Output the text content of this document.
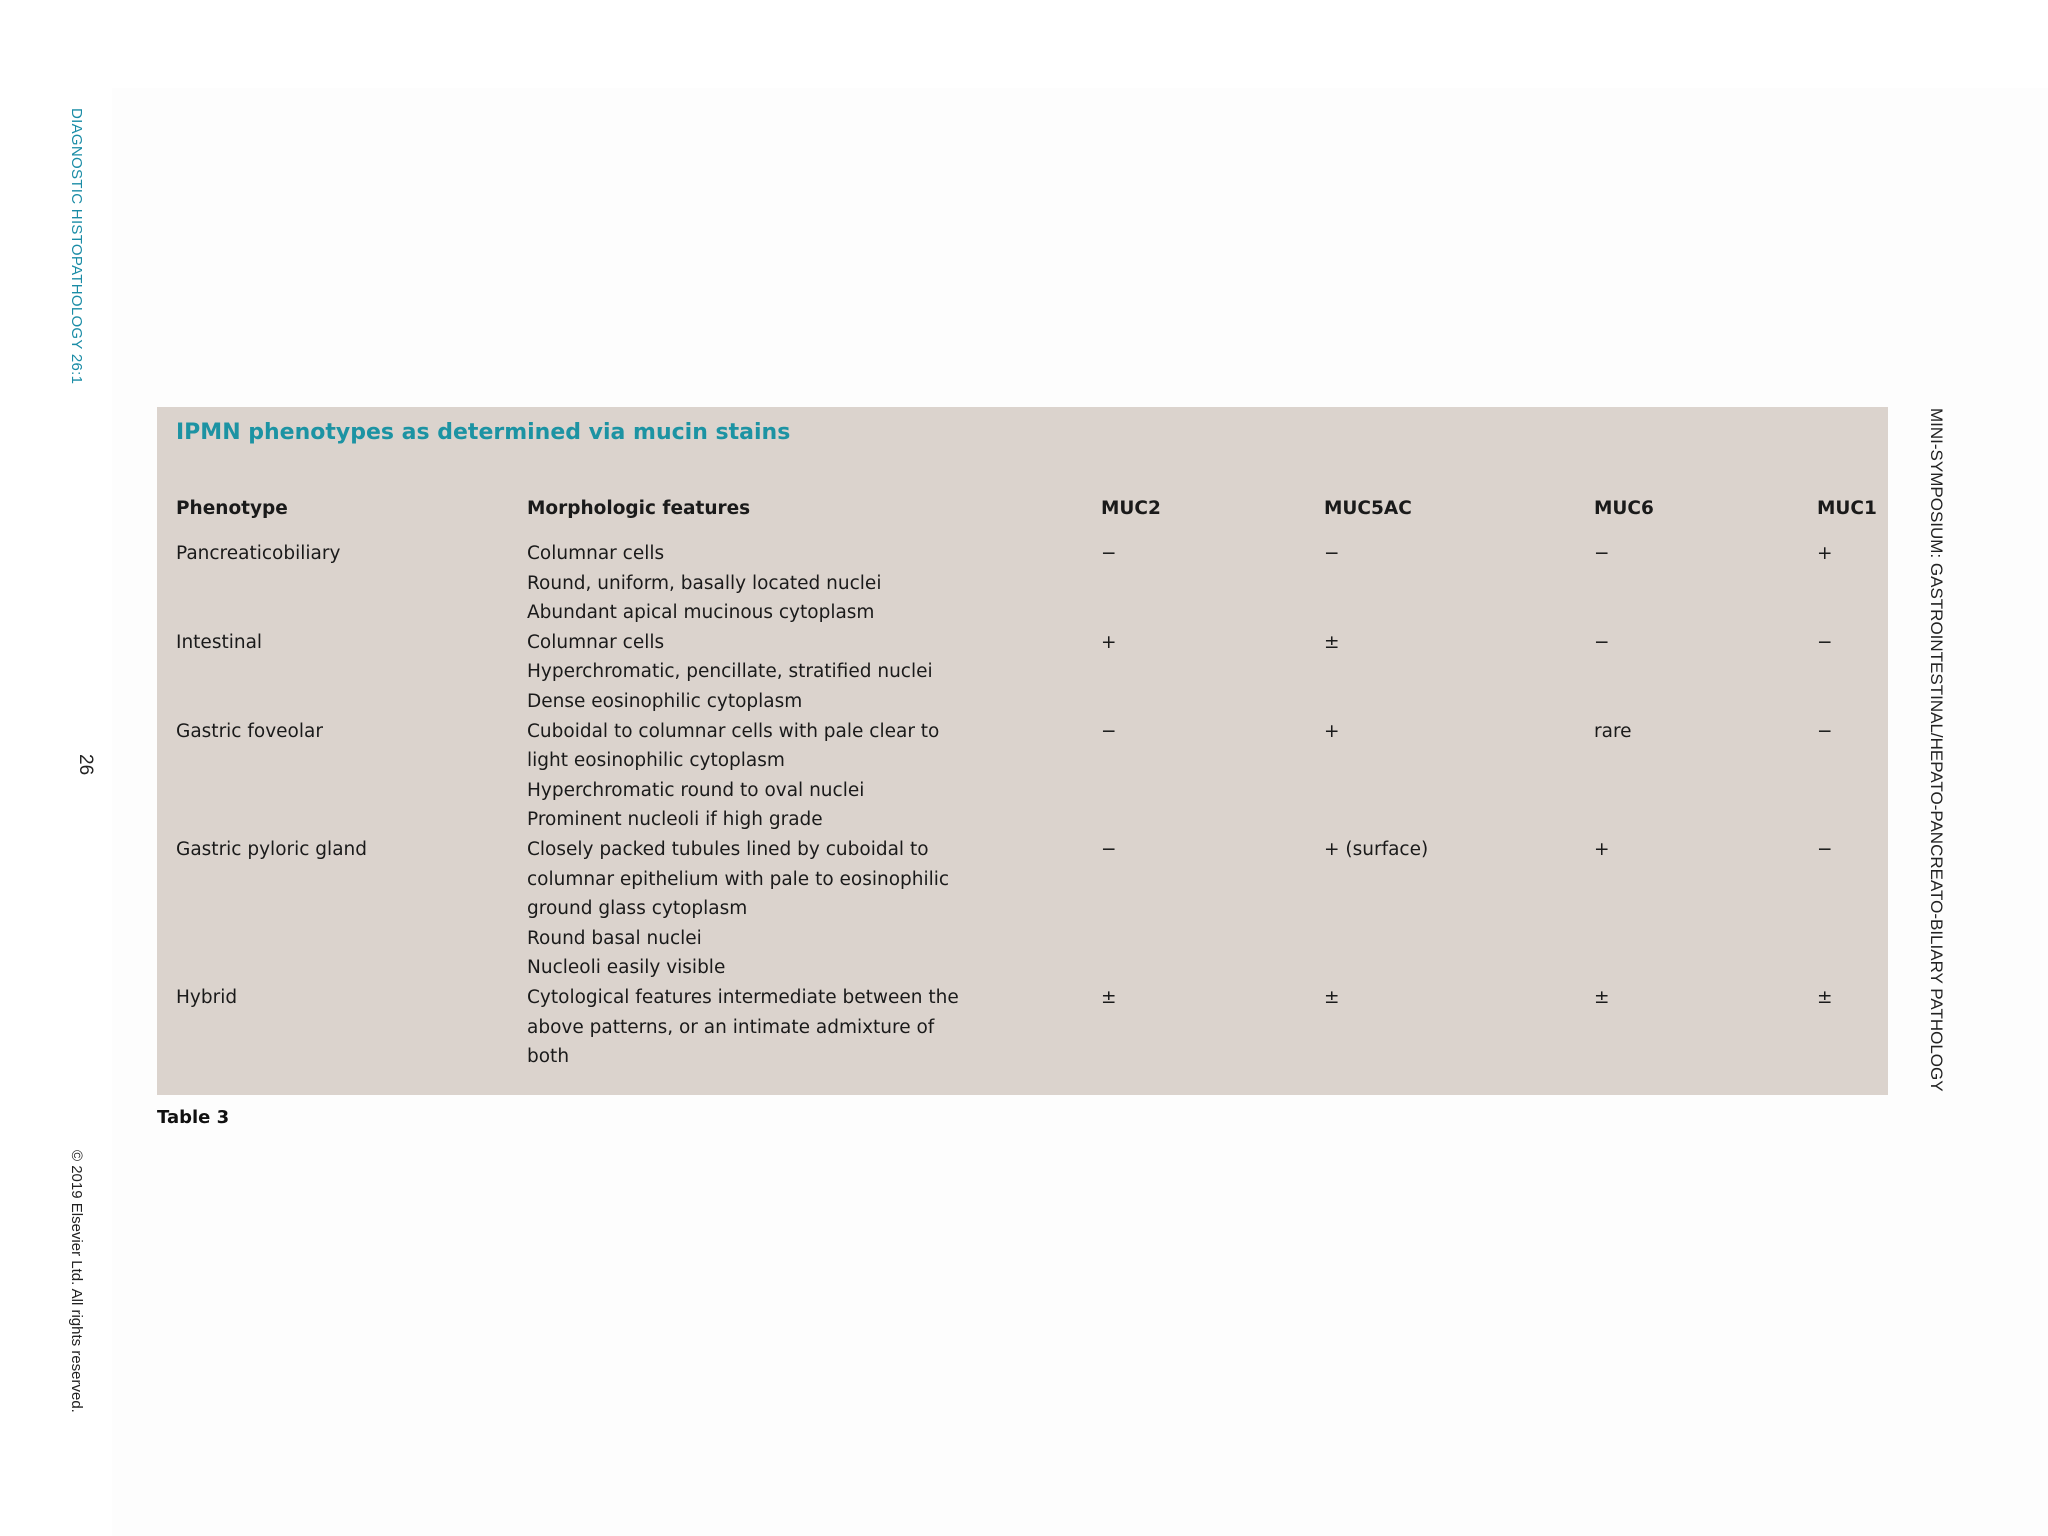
DIAGNOSTIC HISTOPATHOLOGY 26:1
26
© 2019 Elsevier Ltd. All rights reserved.
MINI-SYMPOSIUM: GASTROINTESTINAL/HEPATO-PANCREATO-BILIARY PATHOLOGY
IPMN phenotypes as determined via mucin stains
Phenotype	Morphologic features	MUC2	MUC5AC	MUC6	MUC1
Pancreaticobiliary	Columnar cells
Round, uniform, basally located nuclei
Abundant apical mucinous cytoplasm	−	−	−	+
Intestinal	Columnar cells
Hyperchromatic, pencillate, stratified nuclei
Dense eosinophilic cytoplasm	+	±	−	−
Gastric foveolar	Cuboidal to columnar cells with pale clear to
light eosinophilic cytoplasm
Hyperchromatic round to oval nuclei
Prominent nucleoli if high grade	−	+	rare	−
Gastric pyloric gland	Closely packed tubules lined by cuboidal to
columnar epithelium with pale to eosinophilic
ground glass cytoplasm
Round basal nuclei
Nucleoli easily visible	−	+ (surface)	+	−
Hybrid	Cytological features intermediate between the
above patterns, or an intimate admixture of
both	±	±	±	±
Table 3
